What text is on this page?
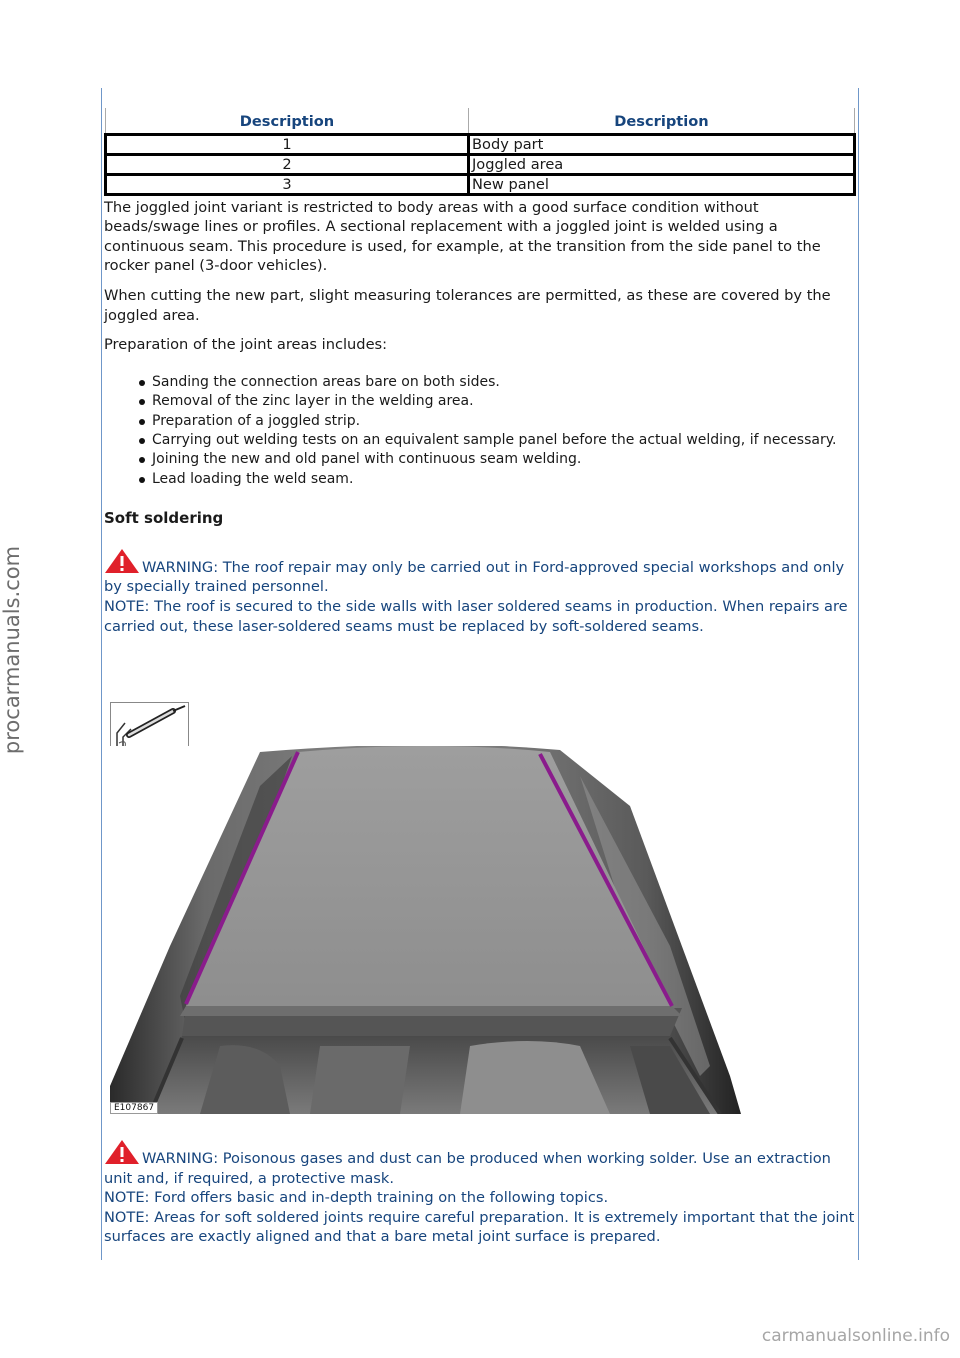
procarmanuals.com
carmanualsonline.info
Description	Description
1	Body part
2	Joggled area
3	New panel

The joggled joint variant is restricted to body areas with a good surface condition without beads/swage lines or profiles. A sectional replacement with a joggled joint is welded using a continuous seam. This procedure is used, for example, at the transition from the side panel to the rocker panel (3-door vehicles).

When cutting the new part, slight measuring tolerances are permitted, as these are covered by the joggled area.

Preparation of the joint areas includes:

Sanding the connection areas bare on both sides.
Removal of the zinc layer in the welding area.
Preparation of a joggled strip.
Carrying out welding tests on an equivalent sample panel before the actual welding, if necessary.
Joining the new and old panel with continuous seam welding.
Lead loading the weld seam.
Soft soldering
WARNING: The roof repair may only be carried out in Ford-approved special workshops and only by specially trained personnel.
NOTE: The roof is secured to the side walls with laser soldered seams in production. When repairs are carried out, these laser-soldered seams must be replaced by soft-soldered seams.
E107867
WARNING: Poisonous gases and dust can be produced when working solder. Use an extraction unit and, if required, a protective mask.
NOTE: Ford offers basic and in-depth training on the following topics.
NOTE: Areas for soft soldered joints require careful preparation. It is extremely important that the joint surfaces are exactly aligned and that a bare metal joint surface is prepared.
